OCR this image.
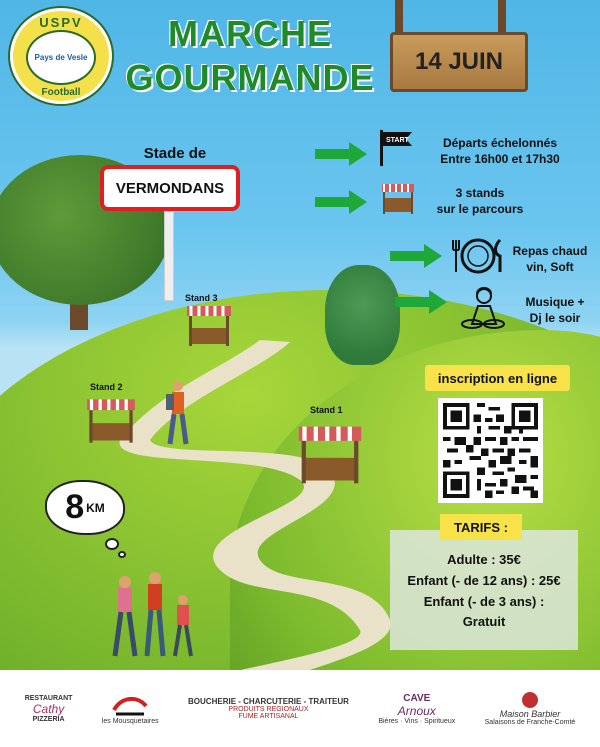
USPV
Pays de Vesle
Football
MARCHE
GOURMANDE	14 JUIN
Stade de
VERMONDANS
START	Départs échelonnés
Entre 16h00 et 17h30
3 stands
sur le parcours
Repas chaud
vin, Soft
Musique +
Dj le soir
Stand 3
Stand 2
Stand 1
8 KM
inscription en ligne
TARIFS :
Adulte : 35€
Enfant (- de 12 ans) : 25€
Enfant (- de 3 ans) :
Gratuit
RESTAURANT
Cathy
PIZZERIA	les Mousquetaires
BOUCHERIE - CHARCUTERIE - TRAITEUR
PRODUITS REGIONAUX
FUME ARTISANAL
CAVE
Arnoux
Bières · Vins · Spiritueux
Maison Barbier
Salaisons de Franche-Comté
